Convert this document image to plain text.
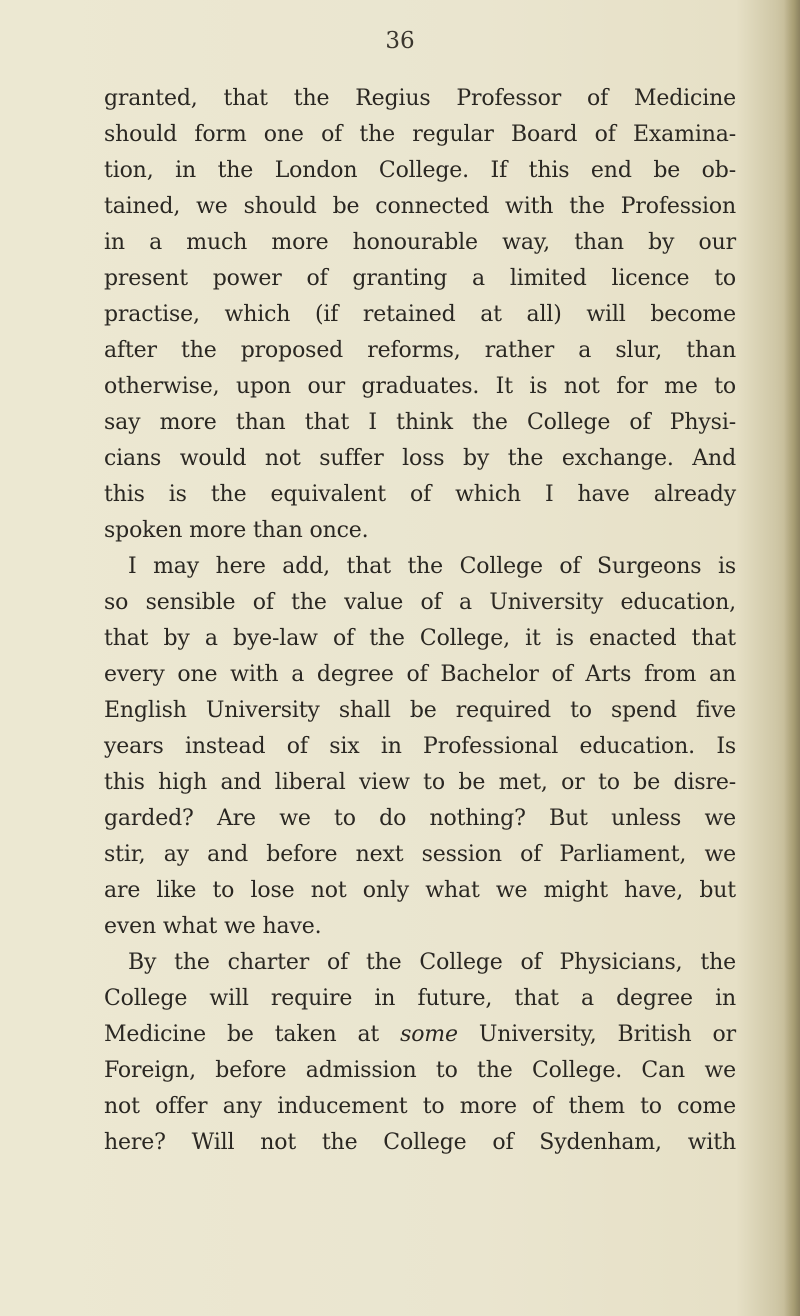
36
granted, that the Regius Professor of Medicine
should form one of the regular Board of Examina-
tion, in the London College. If this end be ob-
tained, we should be connected with the Profession
in a much more honourable way, than by our
present power of granting a limited licence to
practise, which (if retained at all) will become
after the proposed reforms, rather a slur, than
otherwise, upon our graduates. It is not for me to
say more than that I think the College of Physi-
cians would not suffer loss by the exchange. And
this is the equivalent of which I have already
spoken more than once.
I may here add, that the College of Surgeons is
so sensible of the value of a University education,
that by a bye-law of the College, it is enacted that
every one with a degree of Bachelor of Arts from an
English University shall be required to spend five
years instead of six in Professional education. Is
this high and liberal view to be met, or to be disre-
garded? Are we to do nothing? But unless we
stir, ay and before next session of Parliament, we
are like to lose not only what we might have, but
even what we have.
By the charter of the College of Physicians, the
College will require in future, that a degree in
Medicine be taken at some University, British or
Foreign, before admission to the College. Can we
not offer any inducement to more of them to come
here? Will not the College of Sydenham, with
